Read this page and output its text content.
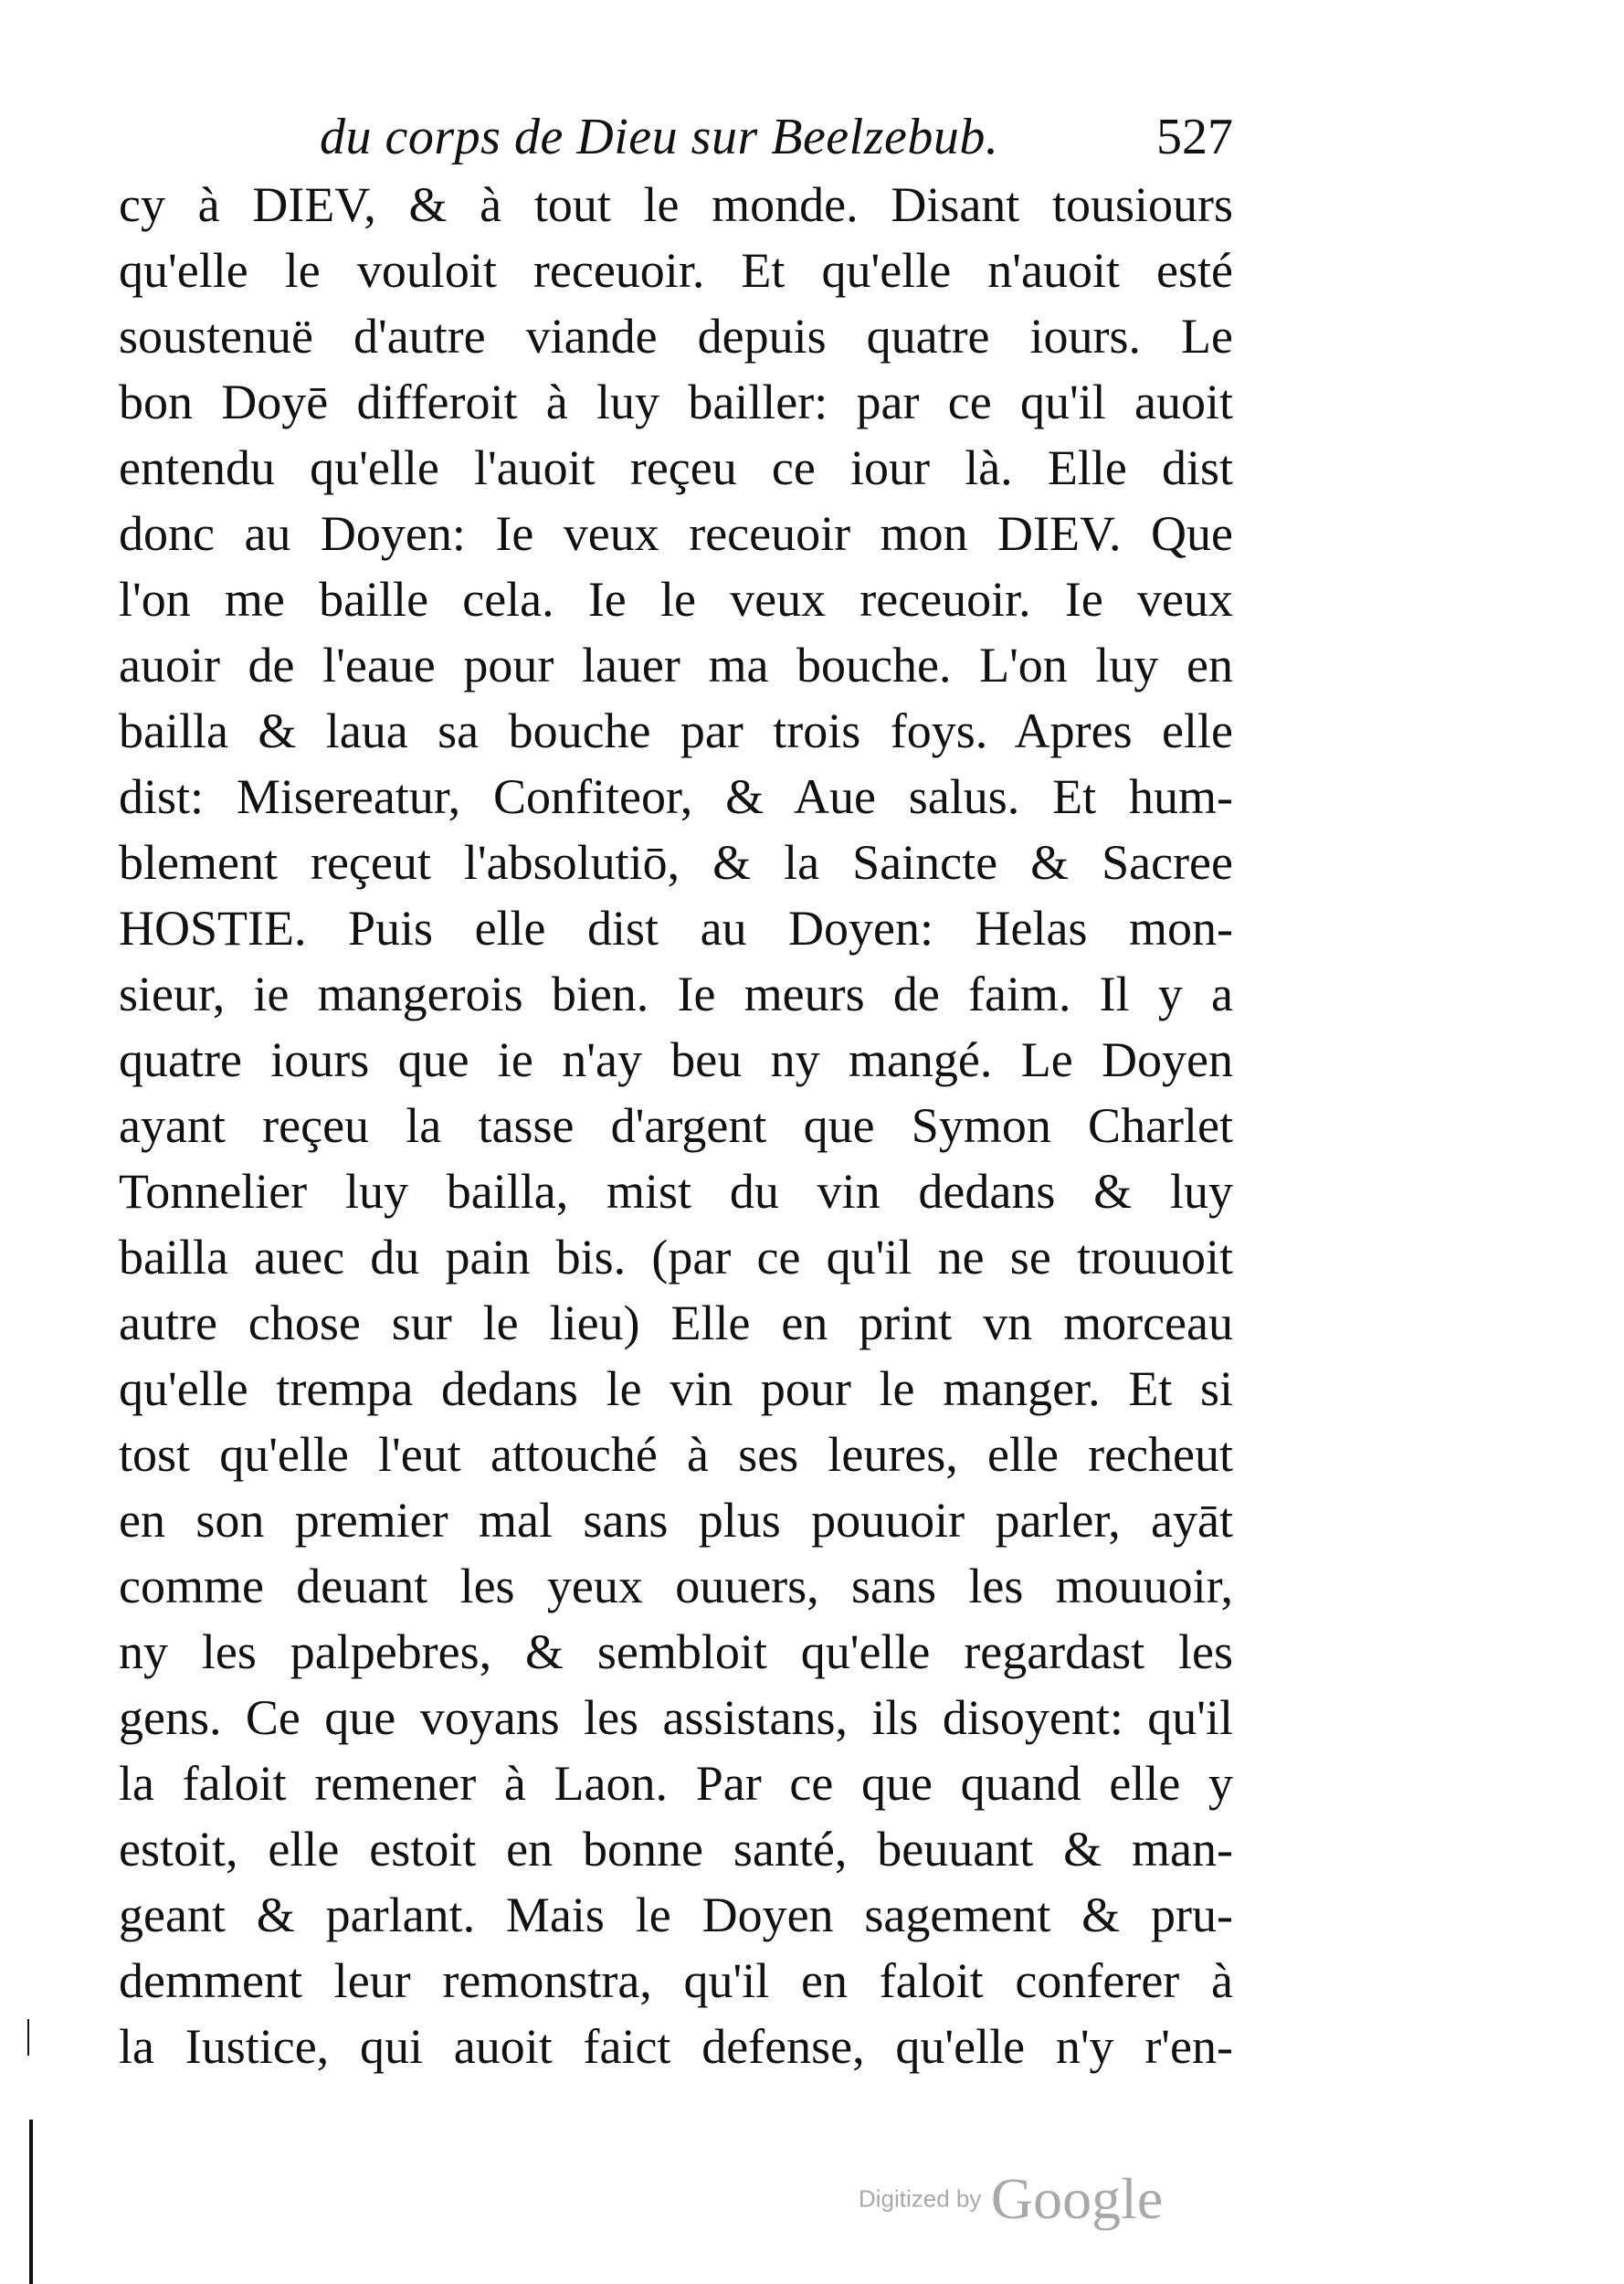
du corps de Dieu sur Beelzebub.	527
cy à DIEV, & à tout le monde. Disant tousiours
qu'elle le vouloit receuoir. Et qu'elle n'auoit esté
soustenuë d'autre viande depuis quatre iours. Le
bon Doyē differoit à luy bailler: par ce qu'il auoit
entendu qu'elle l'auoit reçeu ce iour là. Elle dist
donc au Doyen: Ie veux receuoir mon DIEV. Que
l'on me baille cela. Ie le veux receuoir. Ie veux
auoir de l'eaue pour lauer ma bouche. L'on luy en
bailla & laua sa bouche par trois foys. Apres elle
dist: Misereatur, Confiteor, & Aue salus. Et hum-
blement reçeut l'absolutiō, & la Saincte & Sacree
HOSTIE. Puis elle dist au Doyen: Helas mon-
sieur, ie mangerois bien. Ie meurs de faim. Il y a
quatre iours que ie n'ay beu ny mangé. Le Doyen
ayant reçeu la tasse d'argent que Symon Charlet
Tonnelier luy bailla, mist du vin dedans & luy
bailla auec du pain bis. (par ce qu'il ne se trouuoit
autre chose sur le lieu) Elle en print vn morceau
qu'elle trempa dedans le vin pour le manger. Et si
tost qu'elle l'eut attouché à ses leures, elle recheut
en son premier mal sans plus pouuoir parler, ayāt
comme deuant les yeux ouuers, sans les mouuoir,
ny les palpebres, & sembloit qu'elle regardast les
gens. Ce que voyans les assistans, ils disoyent: qu'il
la faloit remener à Laon. Par ce que quand elle y
estoit, elle estoit en bonne santé, beuuant & man-
geant & parlant. Mais le Doyen sagement & pru-
demment leur remonstra, qu'il en faloit conferer à
la Iustice, qui auoit faict defense, qu'elle n'y r'en-
Digitized by Google
